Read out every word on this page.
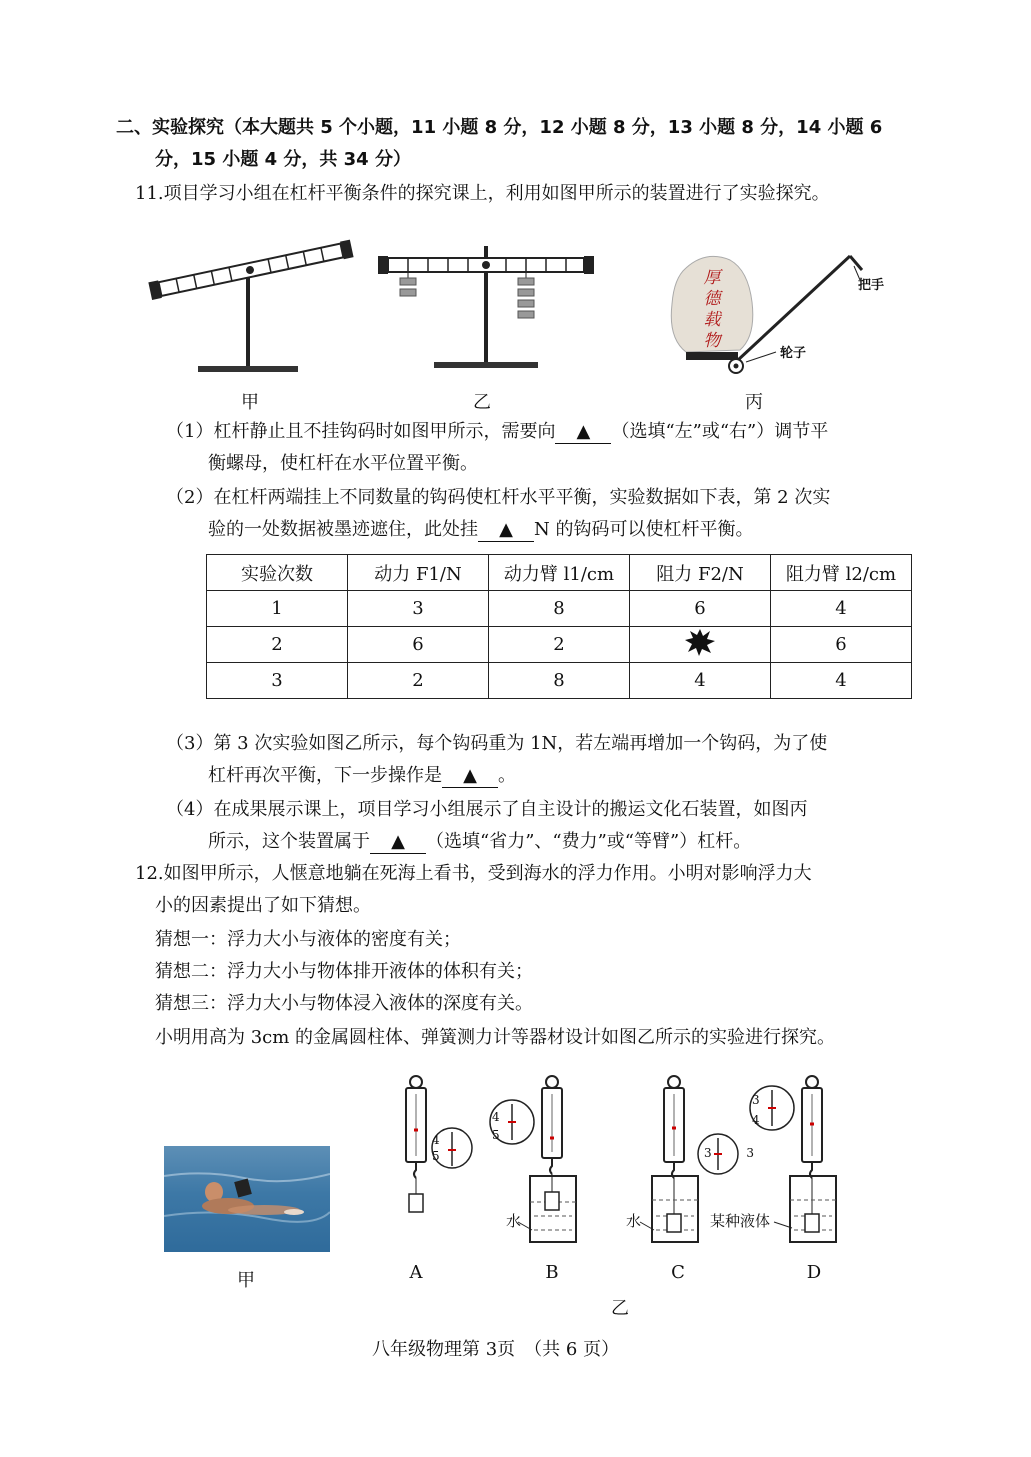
二、实验探究（本大题共 5 个小题，11 小题 8 分，12 小题 8 分，13 小题 8 分，14 小题 6
分，15 小题 4 分，共 34 分）
11.项目学习小组在杠杆平衡条件的探究课上，利用如图甲所示的装置进行了实验探究。
甲	乙
厚
德
载
物
把手
轮子
丙
（1）杠杆静止且不挂钩码时如图甲所示，需要向 ▲ （选填“左”或“右”）调节平
衡螺母，使杠杆在水平位置平衡。
（2）在杠杆两端挂上不同数量的钩码使杠杆水平平衡，实验数据如下表，第 2 次实
验的一处数据被墨迹遮住，此处挂 ▲ N 的钩码可以使杠杆平衡。
实验次数	动力 F1/N	动力臂 l1/cm	阻力 F2/N	阻力臂 l2/cm
1	3	8	6	4
2	6	2		6
3	2	8	4	4
（3）第 3 次实验如图乙所示，每个钩码重为 1N，若左端再增加一个钩码，为了使
杠杆再次平衡，下一步操作是 ▲ 。
（4）在成果展示课上，项目学习小组展示了自主设计的搬运文化石装置，如图丙
所示，这个装置属于 ▲ （选填“省力”、“费力”或“等臂”）杠杆。
12.如图甲所示，人惬意地躺在死海上看书，受到海水的浮力作用。小明对影响浮力大
小的因素提出了如下猜想。
猜想一：浮力大小与液体的密度有关；
猜想二：浮力大小与物体排开液体的体积有关；
猜想三：浮力大小与物体浸入液体的深度有关。
小明用高为 3cm 的金属圆柱体、弹簧测力计等器材设计如图乙所示的实验进行探究。
甲
4
5
4
5
3	3
3
4
水	水	某种液体
A	B	C	D
乙
八年级物理第 3页　（共 6 页）
